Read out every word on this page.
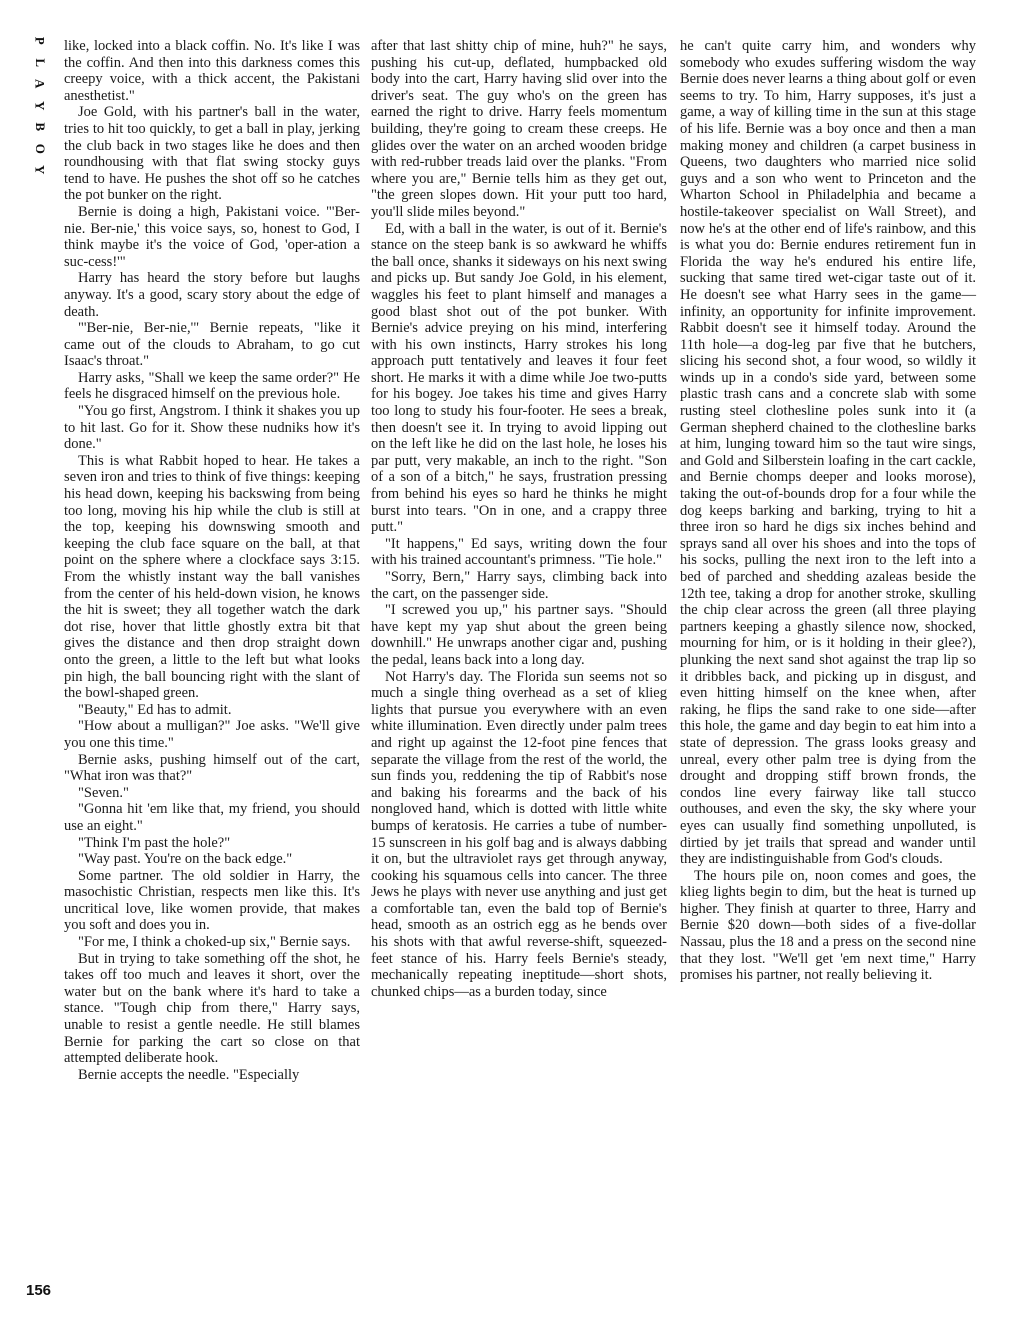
P
L
A
Y
B
O
Y

like, locked into a black coffin. No. It's like I was the coffin. And then into this darkness comes this creepy voice, with a thick accent, the Pakistani anesthetist."

Joe Gold, with his partner's ball in the water, tries to hit too quickly, to get a ball in play, jerking the club back in two stages like he does and then roundhousing with that flat swing stocky guys tend to have. He pushes the shot off so he catches the pot bunker on the right.

Bernie is doing a high, Pakistani voice. "'Ber-nie. Ber-nie,' this voice says, so, honest to God, I think maybe it's the voice of God, 'oper-ation a suc-cess!'"

Harry has heard the story before but laughs anyway. It's a good, scary story about the edge of death.

"'Ber-nie, Ber-nie,'" Bernie repeats, "like it came out of the clouds to Abraham, to go cut Isaac's throat."

Harry asks, "Shall we keep the same order?" He feels he disgraced himself on the previous hole.

"You go first, Angstrom. I think it shakes you up to hit last. Go for it. Show these nudniks how it's done."

This is what Rabbit hoped to hear. He takes a seven iron and tries to think of five things: keeping his head down, keeping his backswing from being too long, moving his hip while the club is still at the top, keeping his downswing smooth and keeping the club face square on the ball, at that point on the sphere where a clockface says 3:15. From the whistly instant way the ball vanishes from the center of his held-down vision, he knows the hit is sweet; they all together watch the dark dot rise, hover that little ghostly extra bit that gives the distance and then drop straight down onto the green, a little to the left but what looks pin high, the ball bouncing right with the slant of the bowl-shaped green.

"Beauty," Ed has to admit.

"How about a mulligan?" Joe asks. "We'll give you one this time."

Bernie asks, pushing himself out of the cart, "What iron was that?"

"Seven."

"Gonna hit 'em like that, my friend, you should use an eight."

"Think I'm past the hole?"

"Way past. You're on the back edge."

Some partner. The old soldier in Harry, the masochistic Christian, respects men like this. It's uncritical love, like women provide, that makes you soft and does you in.

"For me, I think a choked-up six," Bernie says.

But in trying to take something off the shot, he takes off too much and leaves it short, over the water but on the bank where it's hard to take a stance. "Tough chip from there," Harry says, unable to resist a gentle needle. He still blames Bernie for parking the cart so close on that attempted deliberate hook.

Bernie accepts the needle. "Especially

after that last shitty chip of mine, huh?" he says, pushing his cut-up, deflated, humpbacked old body into the cart, Harry having slid over into the driver's seat. The guy who's on the green has earned the right to drive. Harry feels momentum building, they're going to cream these creeps. He glides over the water on an arched wooden bridge with red-rubber treads laid over the planks. "From where you are," Bernie tells him as they get out, "the green slopes down. Hit your putt too hard, you'll slide miles beyond."

Ed, with a ball in the water, is out of it. Bernie's stance on the steep bank is so awkward he whiffs the ball once, shanks it sideways on his next swing and picks up. But sandy Joe Gold, in his element, waggles his feet to plant himself and manages a good blast shot out of the pot bunker. With Bernie's advice preying on his mind, interfering with his own instincts, Harry strokes his long approach putt tentatively and leaves it four feet short. He marks it with a dime while Joe two-putts for his bogey. Joe takes his time and gives Harry too long to study his four-footer. He sees a break, then doesn't see it. In trying to avoid lipping out on the left like he did on the last hole, he loses his par putt, very makable, an inch to the right. "Son of a son of a bitch," he says, frustration pressing from behind his eyes so hard he thinks he might burst into tears. "On in one, and a crappy three putt."

"It happens," Ed says, writing down the four with his trained accountant's primness. "Tie hole."

"Sorry, Bern," Harry says, climbing back into the cart, on the passenger side.

"I screwed you up," his partner says. "Should have kept my yap shut about the green being downhill." He unwraps another cigar and, pushing the pedal, leans back into a long day.

Not Harry's day. The Florida sun seems not so much a single thing overhead as a set of klieg lights that pursue you everywhere with an even white illumination. Even directly under palm trees and right up against the 12-foot pine fences that separate the village from the rest of the world, the sun finds you, reddening the tip of Rabbit's nose and baking his forearms and the back of his nongloved hand, which is dotted with little white bumps of keratosis. He carries a tube of number-15 sunscreen in his golf bag and is always dabbing it on, but the ultraviolet rays get through anyway, cooking his squamous cells into cancer. The three Jews he plays with never use anything and just get a comfortable tan, even the bald top of Bernie's head, smooth as an ostrich egg as he bends over his shots with that awful reverse-shift, squeezed-feet stance of his. Harry feels Bernie's steady, mechanically repeating ineptitude—short shots, chunked chips—as a burden today, since

he can't quite carry him, and wonders why somebody who exudes suffering wisdom the way Bernie does never learns a thing about golf or even seems to try. To him, Harry supposes, it's just a game, a way of killing time in the sun at this stage of his life. Bernie was a boy once and then a man making money and children (a carpet business in Queens, two daughters who married nice solid guys and a son who went to Princeton and the Wharton School in Philadelphia and became a hostile-takeover specialist on Wall Street), and now he's at the other end of life's rainbow, and this is what you do: Bernie endures retirement fun in Florida the way he's endured his entire life, sucking that same tired wet-cigar taste out of it. He doesn't see what Harry sees in the game—infinity, an opportunity for infinite improvement. Rabbit doesn't see it himself today. Around the 11th hole—a dog-leg par five that he butchers, slicing his second shot, a four wood, so wildly it winds up in a condo's side yard, between some plastic trash cans and a concrete slab with some rusting steel clothesline poles sunk into it (a German shepherd chained to the clothesline barks at him, lunging toward him so the taut wire sings, and Gold and Silberstein loafing in the cart cackle, and Bernie chomps deeper and looks morose), taking the out-of-bounds drop for a four while the dog keeps barking and barking, trying to hit a three iron so hard he digs six inches behind and sprays sand all over his shoes and into the tops of his socks, pulling the next iron to the left into a bed of parched and shedding azaleas beside the 12th tee, taking a drop for another stroke, skulling the chip clear across the green (all three playing partners keeping a ghastly silence now, shocked, mourning for him, or is it holding in their glee?), plunking the next sand shot against the trap lip so it dribbles back, and picking up in disgust, and even hitting himself on the knee when, after raking, he flips the sand rake to one side—after this hole, the game and day begin to eat him into a state of depression. The grass looks greasy and unreal, every other palm tree is dying from the drought and dropping stiff brown fronds, the condos line every fairway like tall stucco outhouses, and even the sky, the sky where your eyes can usually find something unpolluted, is dirtied by jet trails that spread and wander until they are indistinguishable from God's clouds.

The hours pile on, noon comes and goes, the klieg lights begin to dim, but the heat is turned up higher. They finish at quarter to three, Harry and Bernie $20 down—both sides of a five-dollar Nassau, plus the 18 and a press on the second nine that they lost. "We'll get 'em next time," Harry promises his partner, not really believing it.

156
